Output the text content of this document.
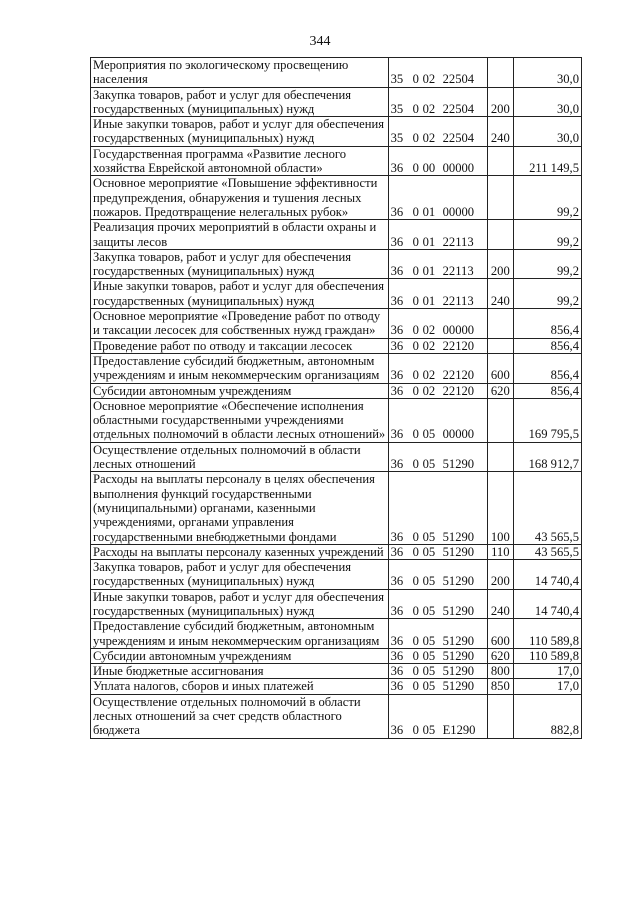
344
Мероприятия по экологическому просвещению населения	35 0 02 22504		30,0
Закупка товаров, работ и услуг для обеспечения государственных (муниципальных) нужд	35 0 02 22504	200	30,0
Иные закупки товаров, работ и услуг для обеспечения государственных (муниципальных) нужд	35 0 02 22504	240	30,0
Государственная программа «Развитие лесного хозяйства Еврейской автономной области»	36 0 00 00000		211 149,5
Основное мероприятие «Повышение эффективности предупреждения, обнаружения и тушения лесных пожаров. Предотвращение нелегальных рубок»	36 0 01 00000		99,2
Реализация прочих мероприятий в области охраны и защиты лесов	36 0 01 22113		99,2
Закупка товаров, работ и услуг для обеспечения государственных (муниципальных) нужд	36 0 01 22113	200	99,2
Иные закупки товаров, работ и услуг для обеспечения государственных (муниципальных) нужд	36 0 01 22113	240	99,2
Основное мероприятие «Проведение работ по отводу и таксации лесосек для собственных нужд граждан»	36 0 02 00000		856,4
Проведение работ по отводу и таксации лесосек	36 0 02 22120		856,4
Предоставление субсидий бюджетным, автономным учреждениям и иным некоммерческим организациям	36 0 02 22120	600	856,4
Субсидии автономным учреждениям	36 0 02 22120	620	856,4
Основное мероприятие «Обеспечение исполнения областными государственными учреждениями отдельных полномочий в области лесных отношений»	36 0 05 00000		169 795,5
Осуществление отдельных полномочий в области лесных отношений	36 0 05 51290		168 912,7
Расходы на выплаты персоналу в целях обеспечения выполнения функций государственными (муниципальными) органами, казенными учреждениями, органами управления государственными внебюджетными фондами	36 0 05 51290	100	43 565,5
Расходы на выплаты персоналу казенных учреждений	36 0 05 51290	110	43 565,5
Закупка товаров, работ и услуг для обеспечения государственных (муниципальных) нужд	36 0 05 51290	200	14 740,4
Иные закупки товаров, работ и услуг для обеспечения государственных (муниципальных) нужд	36 0 05 51290	240	14 740,4
Предоставление субсидий бюджетным, автономным учреждениям и иным некоммерческим организациям	36 0 05 51290	600	110 589,8
Субсидии автономным учреждениям	36 0 05 51290	620	110 589,8
Иные бюджетные ассигнования	36 0 05 51290	800	17,0
Уплата налогов, сборов и иных платежей	36 0 05 51290	850	17,0
Осуществление отдельных полномочий в области лесных отношений за счет средств областного бюджета	36 0 05 Е1290		882,8
